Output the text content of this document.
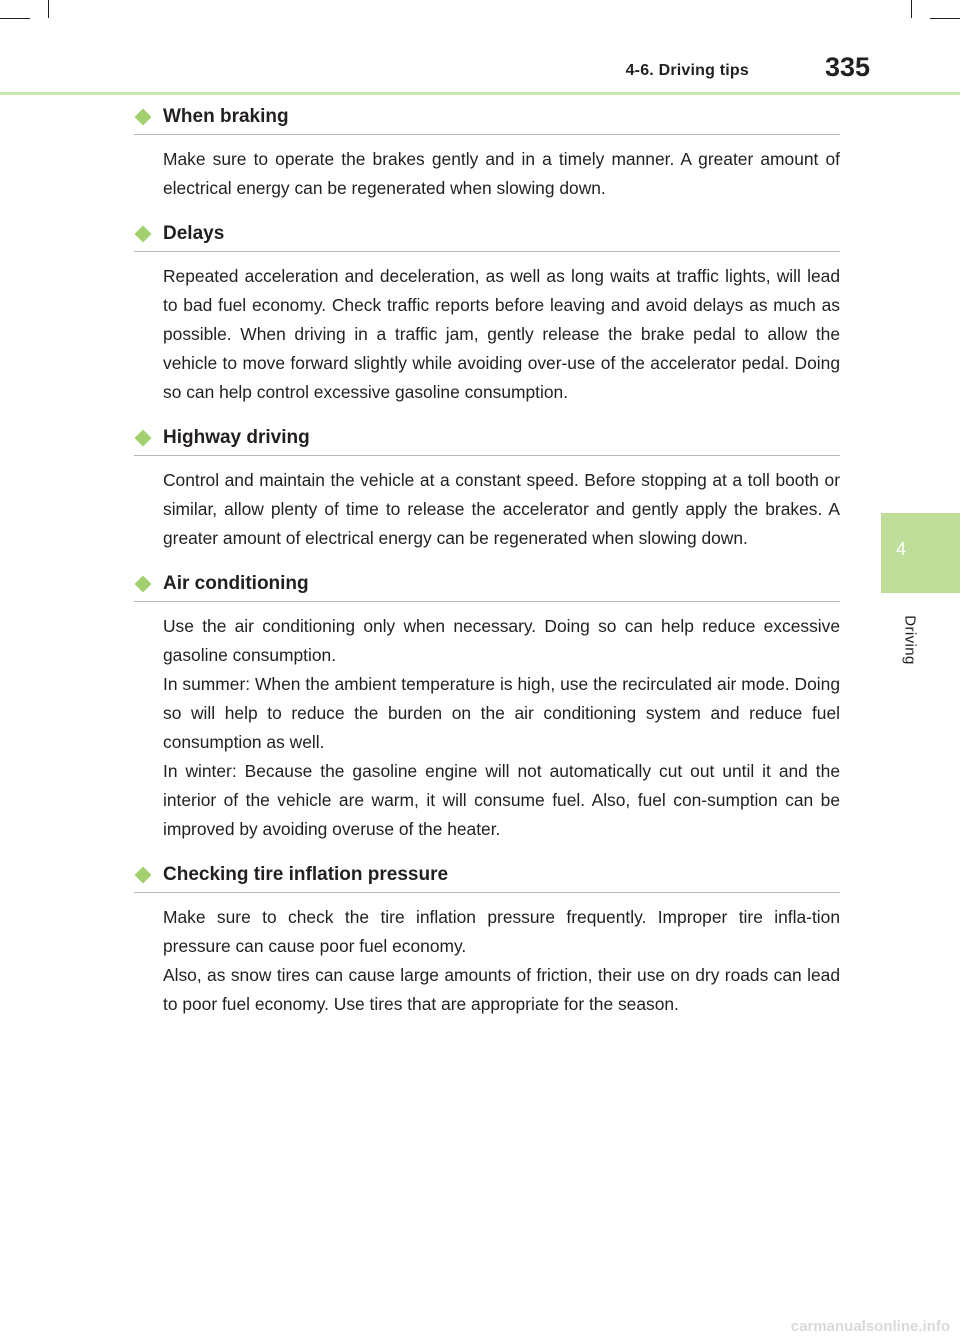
4-6. Driving tips	335
4
Driving
When braking

Make sure to operate the brakes gently and in a timely manner. A greater amount of electrical energy can be regenerated when slowing down.

Delays

Repeated acceleration and deceleration, as well as long waits at traffic lights, will lead to bad fuel economy. Check traffic reports before leaving and avoid delays as much as possible. When driving in a traffic jam, gently release the brake pedal to allow the vehicle to move forward slightly while avoiding over-use of the accelerator pedal. Doing so can help control excessive gasoline consumption.

Highway driving

Control and maintain the vehicle at a constant speed. Before stopping at a toll booth or similar, allow plenty of time to release the accelerator and gently apply the brakes. A greater amount of electrical energy can be regenerated when slowing down.

Air conditioning

Use the air conditioning only when necessary. Doing so can help reduce excessive gasoline consumption.

In summer: When the ambient temperature is high, use the recirculated air mode. Doing so will help to reduce the burden on the air conditioning system and reduce fuel consumption as well.

In winter: Because the gasoline engine will not automatically cut out until it and the interior of the vehicle are warm, it will consume fuel. Also, fuel con-sumption can be improved by avoiding overuse of the heater.

Checking tire inflation pressure

Make sure to check the tire inflation pressure frequently. Improper tire infla-tion pressure can cause poor fuel economy.

Also, as snow tires can cause large amounts of friction, their use on dry roads can lead to poor fuel economy. Use tires that are appropriate for the season.

carmanualsonline.info
